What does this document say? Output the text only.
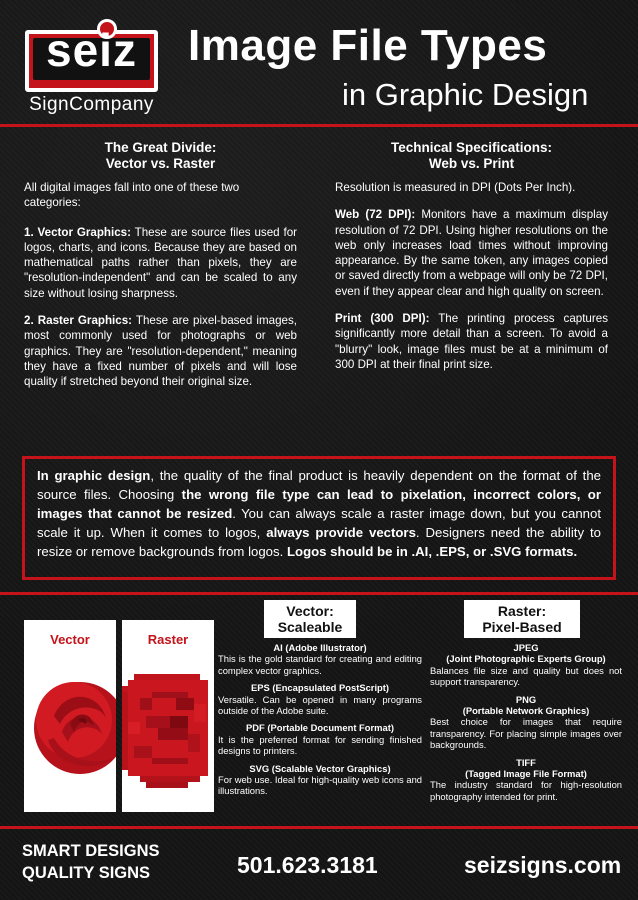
seiz
SignCompany
Image File Types
in Graphic Design
The Great Divide:
Vector vs. Raster

All digital images fall into one of these two categories:

1. Vector Graphics: These are source files used for logos, charts, and icons. Because they are based on mathematical paths rather than pixels, they are "resolution-independent" and can be scaled to any size without losing sharpness.

2. Raster Graphics: These are pixel-based images, most commonly used for photographs or web graphics. They are "resolution-dependent," meaning they have a fixed number of pixels and will lose quality if stretched beyond their original size.

Technical Specifications:
Web vs. Print

Resolution is measured in DPI (Dots Per Inch).

Web (72 DPI): Monitors have a maximum display resolution of 72 DPI. Using higher resolutions on the web only increases load times without improving appearance. By the same token, any images copied or saved directly from a webpage will only be 72 DPI, even if they appear clear and high quality on screen.

Print (300 DPI): The printing process captures significantly more detail than a screen. To avoid a "blurry" look, image files must be at a minimum of 300 DPI at their final print size.

In graphic design, the quality of the final product is heavily dependent on the format of the source files. Choosing the wrong file type can lead to pixelation, incorrect colors, or images that cannot be resized. You can always scale a raster image down, but you cannot scale it up. When it comes to logos, always provide vectors. Designers need the ability to resize or remove backgrounds from logos. Logos should be in .AI, .EPS, or .SVG formats.
Vector	Raster
Vector:
Scaleable
Raster:
Pixel-Based
AI (Adobe Illustrator)
This is the gold standard for creating and editing complex vector graphics.
EPS (Encapsulated PostScript)
Versatile. Can be opened in many programs outside of the Adobe suite.
PDF (Portable Document Format)
It is the preferred format for sending finished designs to printers.
SVG (Scalable Vector Graphics)
For web use. Ideal for high-quality web icons and illustrations.
JPEG
(Joint Photographic Experts Group)
Balances file size and quality but does not support transparency.
PNG
(Portable Network Graphics)
Best choice for images that require transparency. For placing simple images over backgrounds.
TIFF
(Tagged Image File Format)
The industry standard for high-resolution photography intended for print.
SMART DESIGNS
QUALITY SIGNS	501.623.3181	seizsigns.com
